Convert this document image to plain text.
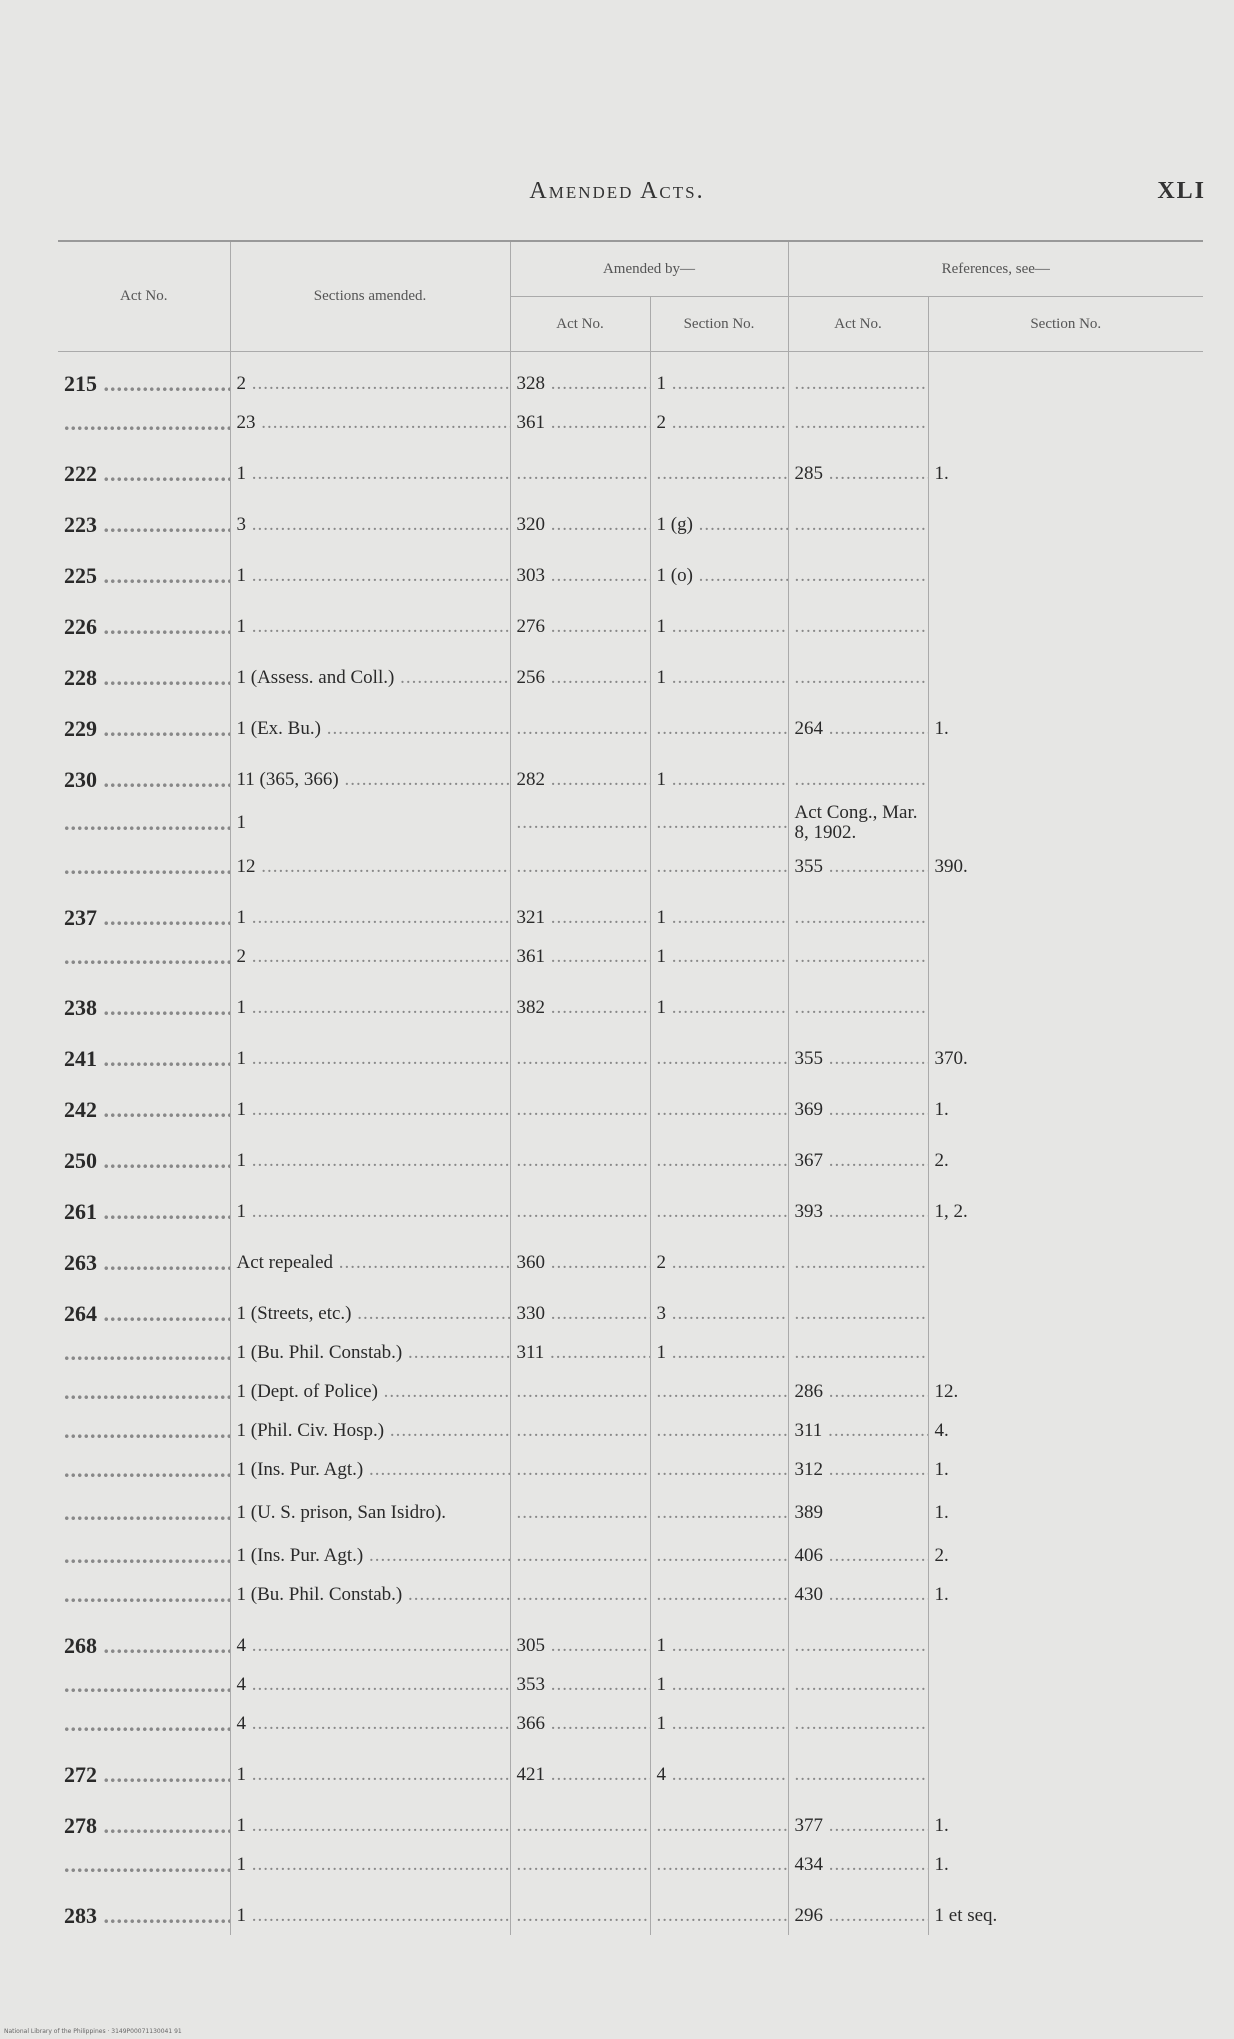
Amended Acts.	XLI
Act No.	Sections amended.	Amended by—		References, see—	
		Act No.	Section No.	Act No.	Section No.
215 .....	2 .....	328 .....	1 .....	.....	
.....	23 .....	361 .....	2 .....	.....	
222 .....	1 .....	.....	.....	285 .....	1.
223 .....	3 .....	320 .....	1 (g) .....	.....	
225 .....	1 .....	303 .....	1 (o) .....	.....	
226 .....	1 .....	276 .....	1 .....	.....	
228 .....	1 (Assess. and Coll.) .....	256 .....	1 .....	.....	
229 .....	1 (Ex. Bu.) .....	.....	.....	264 .....	1.
230 .....	11 (365, 366) .....	282 .....	1 .....	.....	
.....	1	.....	.....	Act Cong., Mar. 8, 1902.	
.....	12 .....	.....	.....	355 .....	390.
237 .....	1 .....	321 .....	1 .....	.....	
.....	2 .....	361 .....	1 .....	.....	
238 .....	1 .....	382 .....	1 .....	.....	
241 .....	1 .....	.....	.....	355 .....	370.
242 .....	1 .....	.....	.....	369 .....	1.
250 .....	1 .....	.....	.....	367 .....	2.
261 .....	1 .....	.....	.....	393 .....	1, 2.
263 .....	Act repealed .....	360 .....	2 .....	.....	
264 .....	1 (Streets, etc.) .....	330 .....	3 .....	.....	
.....	1 (Bu. Phil. Constab.) .....	311 .....	1 .....	.....	
.....	1 (Dept. of Police) .....	.....	.....	286 .....	12.
.....	1 (Phil. Civ. Hosp.) .....	.....	.....	311 .....	4.
.....	1 (Ins. Pur. Agt.) .....	.....	.....	312 .....	1.
.....	1 (U. S. prison, San Isidro).	.....	.....	389	1.
.....	1 (Ins. Pur. Agt.) .....	.....	.....	406 .....	2.
.....	1 (Bu. Phil. Constab.) .....	.....	.....	430 .....	1.
268 .....	4 .....	305 .....	1 .....	.....	
.....	4 .....	353 .....	1 .....	.....	
.....	4 .....	366 .....	1 .....	.....	
272 .....	1 .....	421 .....	4 .....	.....	
278 .....	1 .....	.....	.....	377 .....	1.
.....	1 .....	.....	.....	434 .....	1.
283 .....	1 .....	.....	.....	296 .....	1 et seq.
National Library of the Philippines · 3149P00071130041 91
